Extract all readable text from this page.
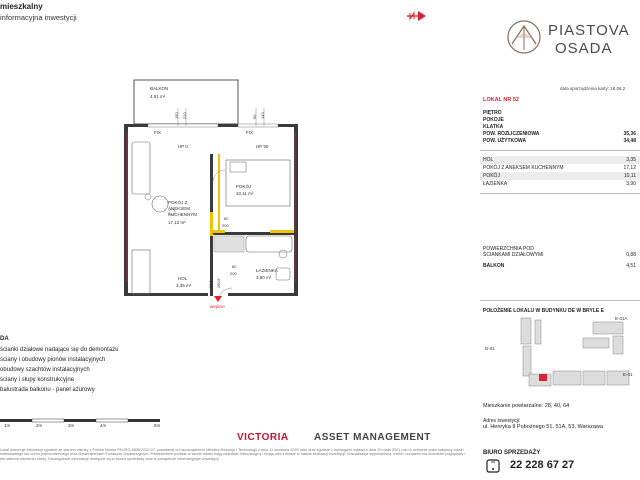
mieszkalny
informacyjna inwestycji
PIASTOVA
OSADA
data sporządzenia karty: 18.06.2
LOKAL NR 52
PIĘTRO
POKOJE
KLATKA
POW. ROZLICZENIOWA	35,36
POW. UŻYTKOWA	34,48
HOL	3,35
POKÓJ Z ANEKSEM KUCHENNYM	17,12
POKÓJ	10,11
ŁAZIENKA	3,90
POWIERZCHNIA POD
ŚCIANKAMI DZIAŁOWYMI	0,88
BALKON	4,51
POŁOŻENIE LOKALU W BUDYNKU DE W BRYLE E
D-01
E-01
E-01A
Mieszkanie powtarzalne: 28, 40, 64
Adres inwestycji:
ul. Henryka II Pobożnego 51, 51A, 53, Warszawa
BIURO SPRZEDAŻY
22 228 67 27
BALKON
4,51 m²
FIX	FIX
HP 0	HP 90
150 220	90 143
POKÓJ
10,11 m²
POKÓJ Z
ANEKSEM
KUCHENNYM
17,12 m²
80
200
80
200
ŁAZIENKA
3,90 m²
HOL
3,35 m²	90,8 200,8
wejście
DA
ścianki działowe nadające się do demontażu
ściany i obudowy pionów instalacyjnych
obudowy szachtów instalacyjnych
ściany i słupy konstrukcyjne
balustrada balkonu - panel ażurowy
1m	2m	3m	4m	5m
VICTORIA	ASSET MANAGEMENT
Lokal dokonuje informacji zgodnie ze stanem wiedzy z Polska Norma PN-ISO-9836:2022-07, powołanej w rozporządzeniu Ministra Rozwoju i Technologii z dnia 11 września 2020 roku oraz zgodnie z wymogami ustawy z dnia 20 maja 2021 roku o ochronie praw nabywcy lokalu mieszkalnego lub domu jednorodzinnego oraz Deweloperskim Funduszu Gwarancyjnym. Powierzchnie podane w karcie lokalu mają charakter informacyjny i mogą ulec zmianie w trakcie realizacji inwestycji. Wizualizacja wyposażenia, mebli i urządzeń ma charakter poglądowy i nie stanowi elementu oferty. Szczegółowe informacje dostępne są w biurze sprzedaży oraz w prospekcie informacyjnym inwestycji.
